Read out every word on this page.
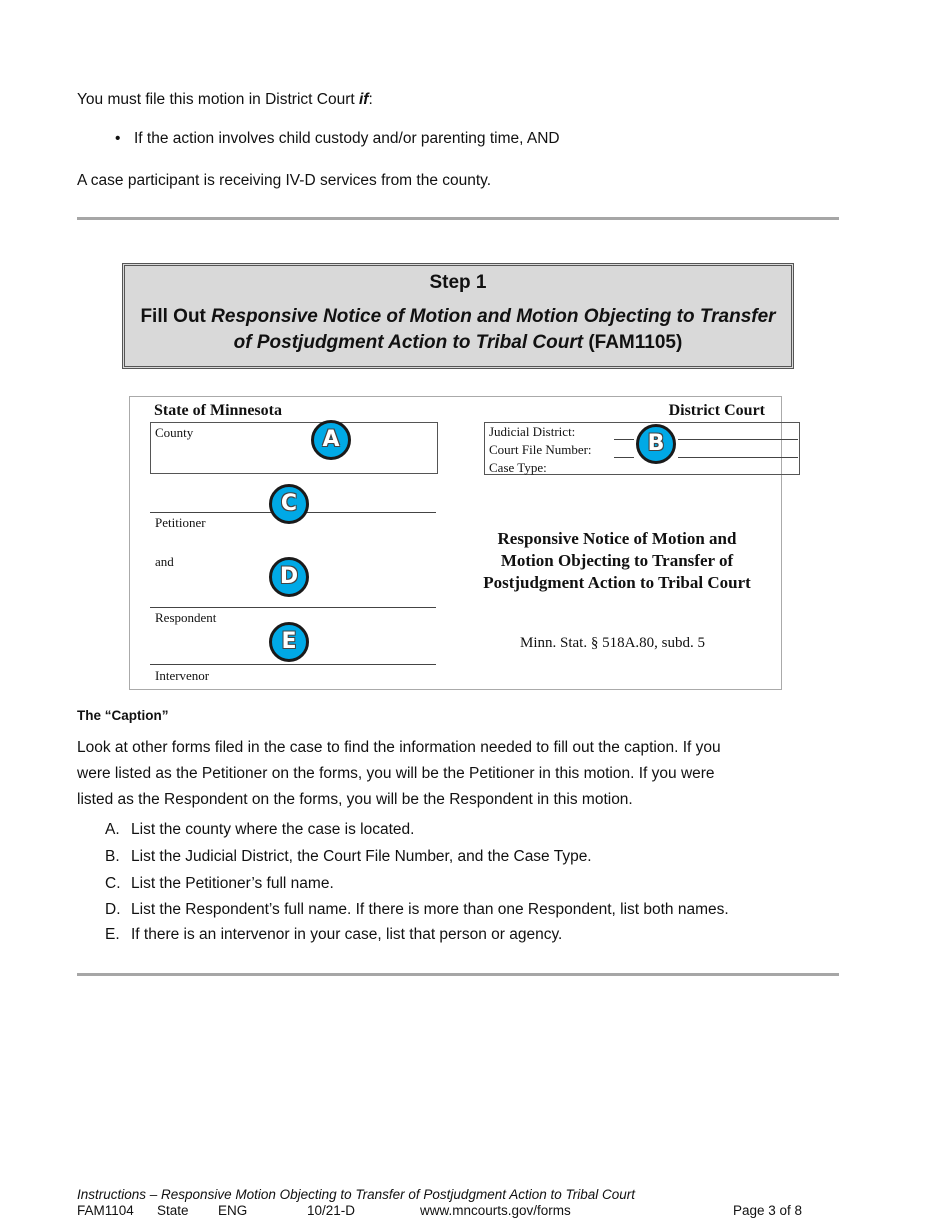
You must file this motion in District Court if:
• If the action involves child custody and/or parenting time, AND
A case participant is receiving IV-D services from the county.
Step 1
Fill Out Responsive Notice of Motion and Motion Objecting to Transfer of Postjudgment Action to Tribal Court (FAM1105)
State of Minnesota	District Court
County	Judicial District:
Court File Number:
Case Type:
Petitioner
and
Respondent
Intervenor
Responsive Notice of Motion and Motion Objecting to Transfer of Postjudgment Action to Tribal Court
Minn. Stat. § 518A.80, subd. 5
A	B
C
D
E
The “Caption”
Look at other forms filed in the case to find the information needed to fill out the caption. If you
were listed as the Petitioner on the forms, you will be the Petitioner in this motion. If you were
listed as the Respondent on the forms, you will be the Respondent in this motion.
A. List the county where the case is located.
B. List the Judicial District, the Court File Number, and the Case Type.
C. List the Petitioner’s full name.
D. List the Respondent’s full name. If there is more than one Respondent, list both names.
E. If there is an intervenor in your case, list that person or agency.
Instructions – Responsive Motion Objecting to Transfer of Postjudgment Action to Tribal Court
FAM1104 State ENG	10/21-D	www.mncourts.gov/forms	Page 3 of 8
